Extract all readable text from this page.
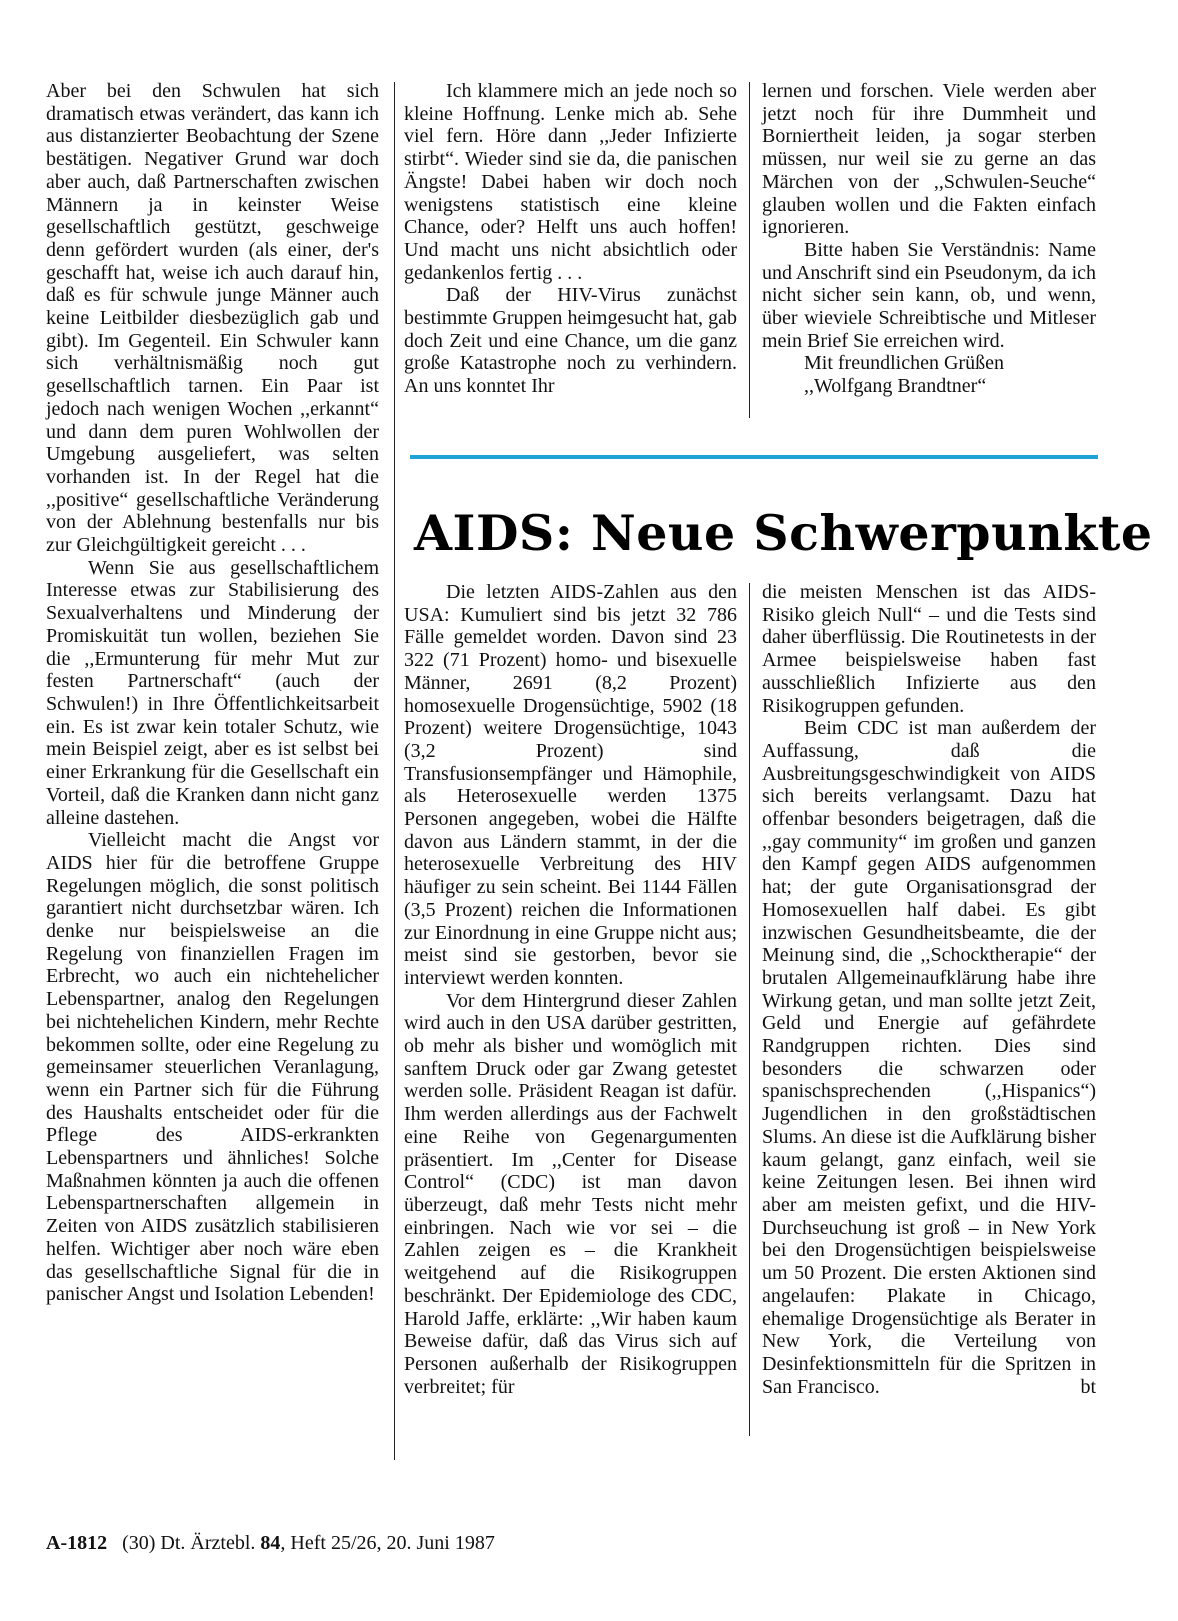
Aber bei den Schwulen hat sich dramatisch etwas verändert, das kann ich aus distanzierter Beobachtung der Szene bestätigen. Negativer Grund war doch aber auch, daß Partnerschaften zwischen Männern ja in keinster Weise gesellschaftlich gestützt, geschweige denn gefördert wurden (als einer, der's geschafft hat, weise ich auch darauf hin, daß es für schwule junge Männer auch keine Leitbilder diesbezüglich gab und gibt). Im Gegenteil. Ein Schwuler kann sich verhältnismäßig noch gut gesellschaftlich tarnen. Ein Paar ist jedoch nach wenigen Wochen ,,erkannt“ und dann dem puren Wohlwollen der Umgebung ausgeliefert, was selten vorhanden ist. In der Regel hat die ,,positive“ gesellschaftliche Veränderung von der Ablehnung bestenfalls nur bis zur Gleichgültigkeit gereicht . . .

Wenn Sie aus gesellschaftlichem Interesse etwas zur Stabilisierung des Sexualverhaltens und Minderung der Promiskuität tun wollen, beziehen Sie die ,,Ermunterung für mehr Mut zur festen Partnerschaft“ (auch der Schwulen!) in Ihre Öffentlichkeitsarbeit ein. Es ist zwar kein totaler Schutz, wie mein Beispiel zeigt, aber es ist selbst bei einer Erkrankung für die Gesellschaft ein Vorteil, daß die Kranken dann nicht ganz alleine dastehen.

Vielleicht macht die Angst vor AIDS hier für die betroffene Gruppe Regelungen möglich, die sonst politisch garantiert nicht durchsetzbar wären. Ich denke nur beispielsweise an die Regelung von finanziellen Fragen im Erbrecht, wo auch ein nichtehelicher Lebenspartner, analog den Regelungen bei nichtehelichen Kindern, mehr Rechte bekommen sollte, oder eine Regelung zu gemeinsamer steuerlichen Veranlagung, wenn ein Partner sich für die Führung des Haushalts entscheidet oder für die Pflege des AIDS-erkrankten Lebenspartners und ähnliches! Solche Maßnahmen könnten ja auch die offenen Lebenspartnerschaften allgemein in Zeiten von AIDS zusätzlich stabilisieren helfen. Wichtiger aber noch wäre eben das gesellschaftliche Signal für die in panischer Angst und Isolation Lebenden!

Ich klammere mich an jede noch so kleine Hoffnung. Lenke mich ab. Sehe viel fern. Höre dann ,,Jeder Infizierte stirbt“. Wieder sind sie da, die panischen Ängste! Dabei haben wir doch noch wenigstens statistisch eine kleine Chance, oder? Helft uns auch hoffen! Und macht uns nicht absichtlich oder gedankenlos fertig . . .

Daß der HIV-Virus zunächst bestimmte Gruppen heimgesucht hat, gab doch Zeit und eine Chance, um die ganz große Katastrophe noch zu verhindern. An uns konntet Ihr

lernen und forschen. Viele werden aber jetzt noch für ihre Dummheit und Borniertheit leiden, ja sogar sterben müssen, nur weil sie zu gerne an das Märchen von der ,,Schwulen-Seuche“ glauben wollen und die Fakten einfach ignorieren.

Bitte haben Sie Verständnis: Name und Anschrift sind ein Pseudonym, da ich nicht sicher sein kann, ob, und wenn, über wieviele Schreibtische und Mitleser mein Brief Sie erreichen wird.

Mit freundlichen Grüßen

,,Wolfgang Brandtner“

AIDS: Neue Schwerpunkte

Die letzten AIDS-Zahlen aus den USA: Kumuliert sind bis jetzt 32 786 Fälle gemeldet worden. Davon sind 23 322 (71 Prozent) homo- und bisexuelle Männer, 2691 (8,2 Prozent) homosexuelle Drogensüchtige, 5902 (18 Prozent) weitere Drogensüchtige, 1043 (3,2 Prozent) sind Transfusionsempfänger und Hämophile, als Heterosexuelle werden 1375 Personen angegeben, wobei die Hälfte davon aus Ländern stammt, in der die heterosexuelle Verbreitung des HIV häufiger zu sein scheint. Bei 1144 Fällen (3,5 Prozent) reichen die Informationen zur Einordnung in eine Gruppe nicht aus; meist sind sie gestorben, bevor sie interviewt werden konnten.

Vor dem Hintergrund dieser Zahlen wird auch in den USA darüber gestritten, ob mehr als bisher und womöglich mit sanftem Druck oder gar Zwang getestet werden solle. Präsident Reagan ist dafür. Ihm werden allerdings aus der Fachwelt eine Reihe von Gegenargumenten präsentiert. Im ,,Center for Disease Control“ (CDC) ist man davon überzeugt, daß mehr Tests nicht mehr einbringen. Nach wie vor sei – die Zahlen zeigen es – die Krankheit weitgehend auf die Risikogruppen beschränkt. Der Epidemiologe des CDC, Harold Jaffe, erklärte: ,,Wir haben kaum Beweise dafür, daß das Virus sich auf Personen außerhalb der Risikogruppen verbreitet; für

die meisten Menschen ist das AIDS-Risiko gleich Null“ – und die Tests sind daher überflüssig. Die Routinetests in der Armee beispielsweise haben fast ausschließlich Infizierte aus den Risikogruppen gefunden.

Beim CDC ist man außerdem der Auffassung, daß die Ausbreitungsgeschwindigkeit von AIDS sich bereits verlangsamt. Dazu hat offenbar besonders beigetragen, daß die ,,gay community“ im großen und ganzen den Kampf gegen AIDS aufgenommen hat; der gute Organisationsgrad der Homosexuellen half dabei. Es gibt inzwischen Gesundheitsbeamte, die der Meinung sind, die ,,Schocktherapie“ der brutalen Allgemeinaufklärung habe ihre Wirkung getan, und man sollte jetzt Zeit, Geld und Energie auf gefährdete Randgruppen richten. Dies sind besonders die schwarzen oder spanischsprechenden (,,Hispanics“) Jugendlichen in den großstädtischen Slums. An diese ist die Aufklärung bisher kaum gelangt, ganz einfach, weil sie keine Zeitungen lesen. Bei ihnen wird aber am meisten gefixt, und die HIV-Durchseuchung ist groß – in New York bei den Drogensüchtigen beispielsweise um 50 Prozent. Die ersten Aktionen sind angelaufen: Plakate in Chicago, ehemalige Drogensüchtige als Berater in New York, die Verteilung von Desinfektionsmitteln für die Spritzen in San Francisco.	bt

A-1812 (30) Dt. Ärztebl. 84, Heft 25/26, 20. Juni 1987
